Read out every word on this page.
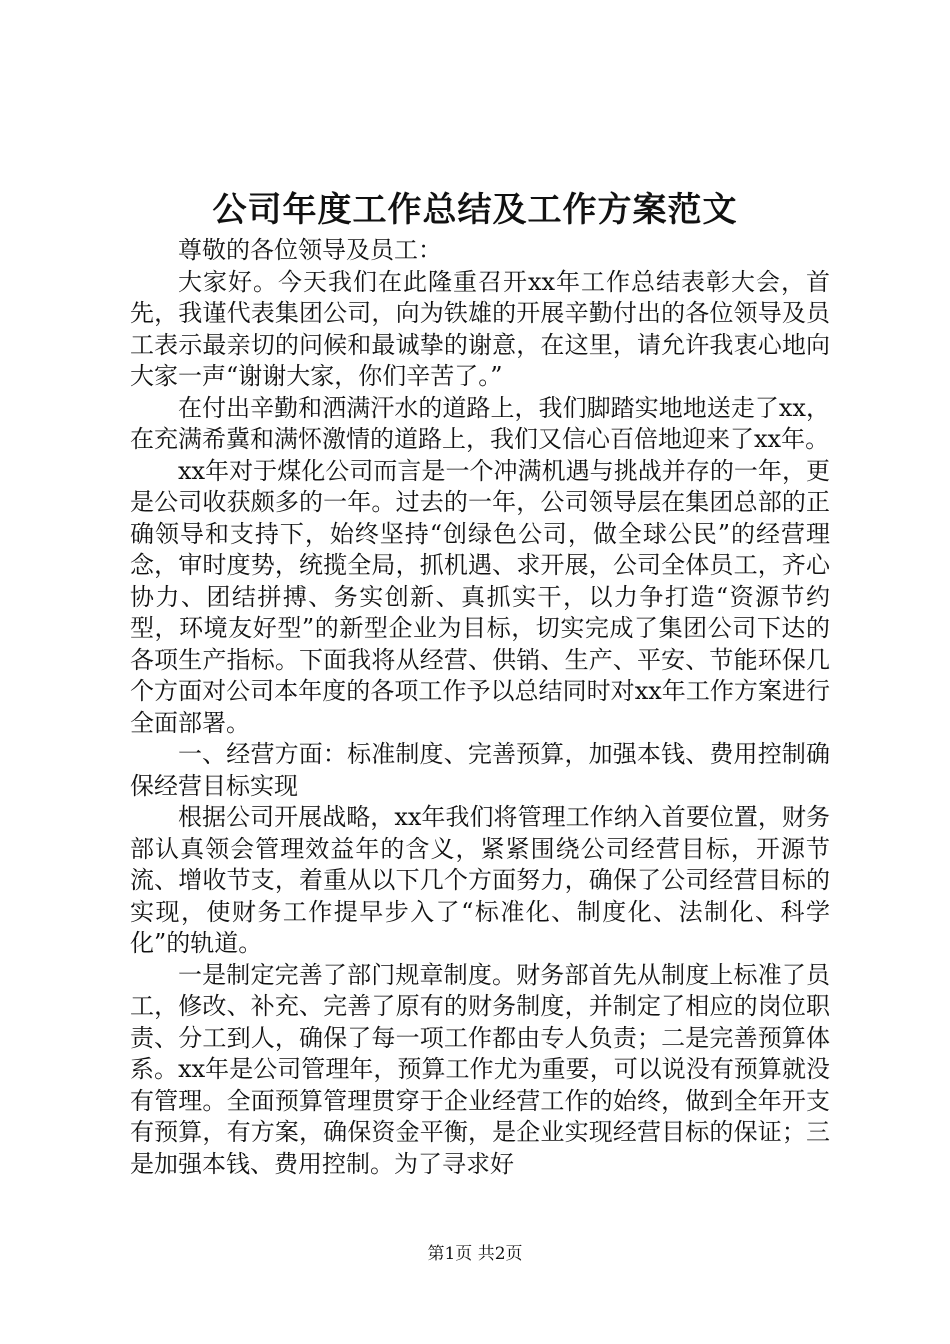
公司年度工作总结及工作方案范文

尊敬的各位领导及员工：

大家好。今天我们在此隆重召开xx年工作总结表彰大会，首先，我谨代表集团公司，向为铁雄的开展辛勤付出的各位领导及员工表示最亲切的问候和最诚挚的谢意，在这里，请允许我衷心地向大家一声“谢谢大家，你们辛苦了。”

在付出辛勤和洒满汗水的道路上，我们脚踏实地地送走了xx，在充满希冀和满怀激情的道路上，我们又信心百倍地迎来了xx年。

xx年对于煤化公司而言是一个冲满机遇与挑战并存的一年，更是公司收获颇多的一年。过去的一年，公司领导层在集团总部的正确领导和支持下，始终坚持“创绿色公司，做全球公民”的经营理念，审时度势，统揽全局，抓机遇、求开展，公司全体员工，齐心协力、团结拼搏、务实创新、真抓实干，以力争打造“资源节约型，环境友好型”的新型企业为目标，切实完成了集团公司下达的各项生产指标。下面我将从经营、供销、生产、平安、节能环保几个方面对公司本年度的各项工作予以总结同时对xx年工作方案进行全面部署。

一、经营方面：标准制度、完善预算，加强本钱、费用控制确保经营目标实现

根据公司开展战略，xx年我们将管理工作纳入首要位置，财务部认真领会管理效益年的含义，紧紧围绕公司经营目标，开源节流、增收节支，着重从以下几个方面努力，确保了公司经营目标的实现，使财务工作提早步入了“标准化、制度化、法制化、科学化”的轨道。

一是制定完善了部门规章制度。财务部首先从制度上标准了员工，修改、补充、完善了原有的财务制度，并制定了相应的岗位职责、分工到人，确保了每一项工作都由专人负责；二是完善预算体系。xx年是公司管理年，预算工作尤为重要，可以说没有预算就没有管理。全面预算管理贯穿于企业经营工作的始终，做到全年开支有预算，有方案，确保资金平衡，是企业实现经营目标的保证；三是加强本钱、费用控制。为了寻求好

第1页 共2页
